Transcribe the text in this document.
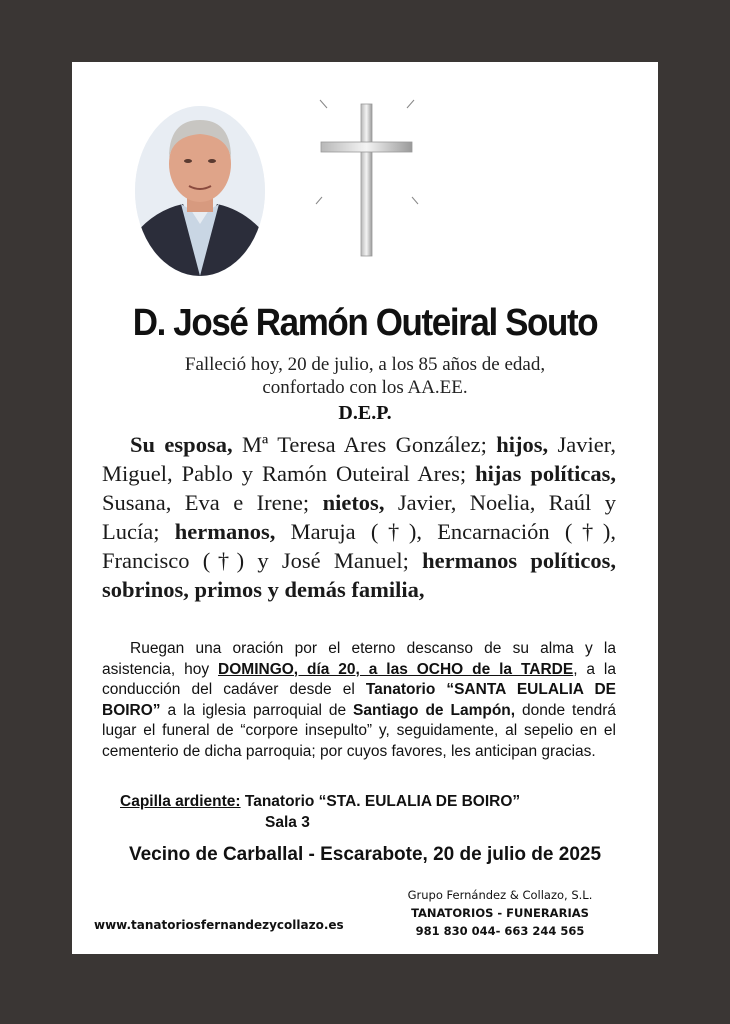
D. José Ramón Outeiral Souto
Falleció hoy, 20 de julio, a los 85 años de edad,
confortado con los AA.EE.
D.E.P.
Su esposa, Mª Teresa Ares González; hijos, Javier, Miguel, Pablo y Ramón Outeiral Ares; hijas políticas, Susana, Eva e Irene; nietos, Javier, Noelia, Raúl y Lucía; hermanos, Maruja (†), Encarnación (†), Francisco (†) y José Manuel; hermanos políticos, sobrinos, primos y demás familia,
Ruegan una oración por el eterno descanso de su alma y la asistencia, hoy DOMINGO, día 20, a las OCHO de la TARDE, a la conducción del cadáver desde el Tanatorio “SANTA EULALIA DE BOIRO” a la iglesia parroquial de Santiago de Lampón, donde tendrá lugar el funeral de “corpore insepulto” y, seguidamente, al sepelio en el cementerio de dicha parroquia; por cuyos favores, les anticipan gracias.
Capilla ardiente: Tanatorio “STA. EULALIA DE BOIRO”
Sala 3
Vecino de Carballal - Escarabote, 20 de julio de 2025
Grupo Fernández & Collazo, S.L.
TANATORIOS - FUNERARIAS
981 830 044- 663 244 565
www.tanatoriosfernandezycollazo.es
